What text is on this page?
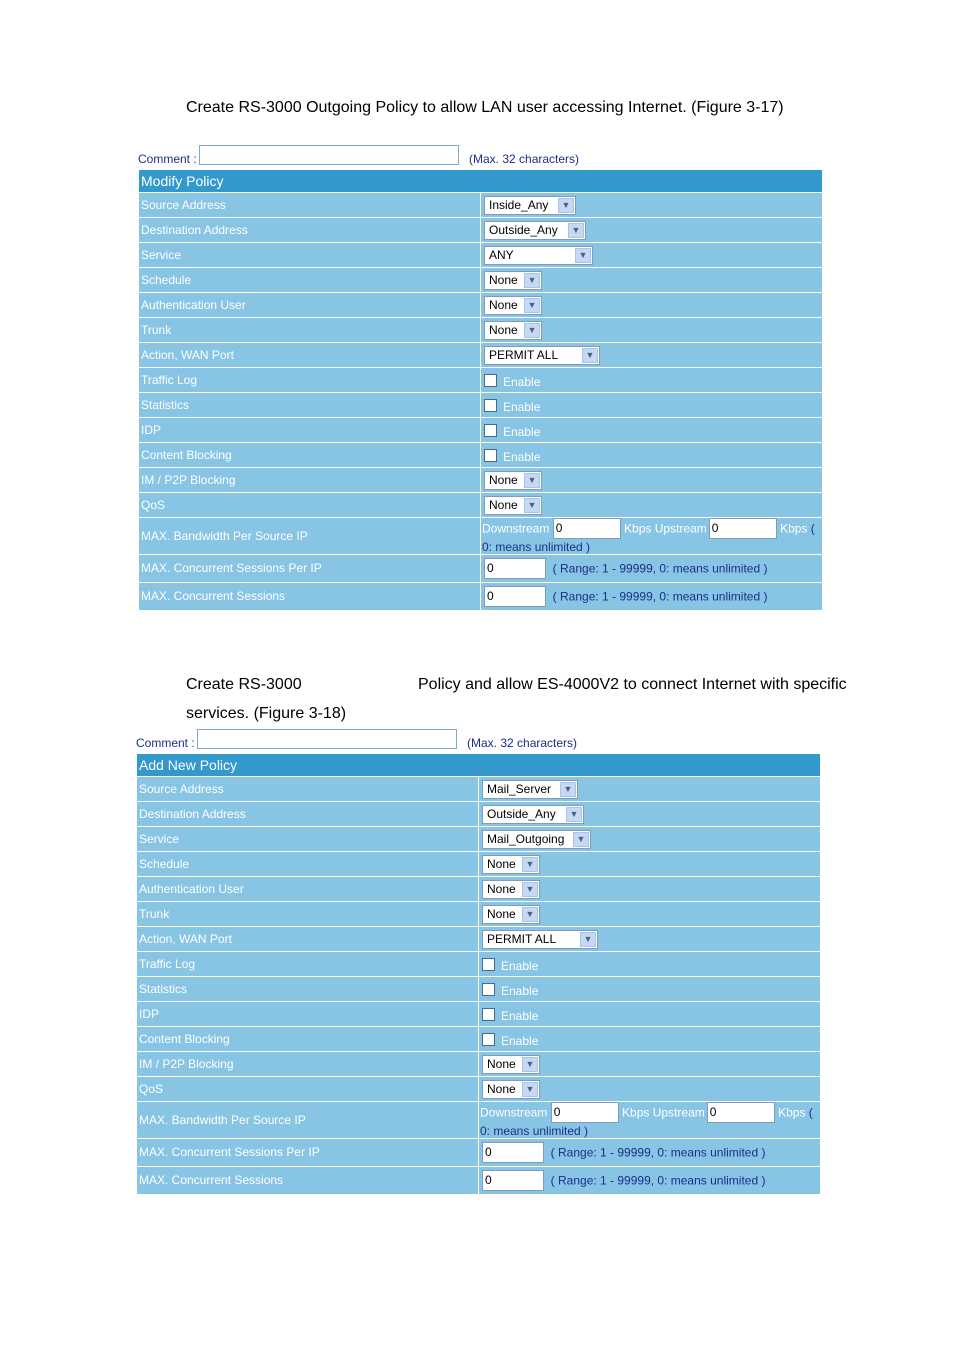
Create RS-3000 Outgoing Policy to allow LAN user accessing Internet. (Figure 3-17)
Comment :	(Max. 32 characters)
Modify Policy	
Source Address	Inside_Any ▼

Destination Address	Outside_Any ▼

Service	ANY ▼

Schedule	None ▼

Authentication User	None ▼

Trunk	None ▼

Action, WAN Port	PERMIT ALL ▼

Traffic Log	Enable
Statistics	Enable
IDP	Enable
Content Blocking	Enable
IM / P2P Blocking	None ▼

QoS	None ▼

MAX. Bandwidth Per Source IP	Downstream 0 Kbps Upstream 0 Kbps ( 0: means unlimited )
MAX. Concurrent Sessions Per IP	0 ( Range: 1 - 99999, 0: means unlimited )
MAX. Concurrent Sessions	0 ( Range: 1 - 99999, 0: means unlimited )
Create RS-3000	Policy and allow ES-4000V2 to connect Internet with specific
services. (Figure 3-18)
Comment :	(Max. 32 characters)
Add New Policy	
Source Address	Mail_Server ▼

Destination Address	Outside_Any ▼

Service	Mail_Outgoing ▼

Schedule	None ▼

Authentication User	None ▼

Trunk	None ▼

Action, WAN Port	PERMIT ALL ▼

Traffic Log	Enable
Statistics	Enable
IDP	Enable
Content Blocking	Enable
IM / P2P Blocking	None ▼

QoS	None ▼

MAX. Bandwidth Per Source IP	Downstream 0 Kbps Upstream 0 Kbps ( 0: means unlimited )
MAX. Concurrent Sessions Per IP	0 ( Range: 1 - 99999, 0: means unlimited )
MAX. Concurrent Sessions	0 ( Range: 1 - 99999, 0: means unlimited )
